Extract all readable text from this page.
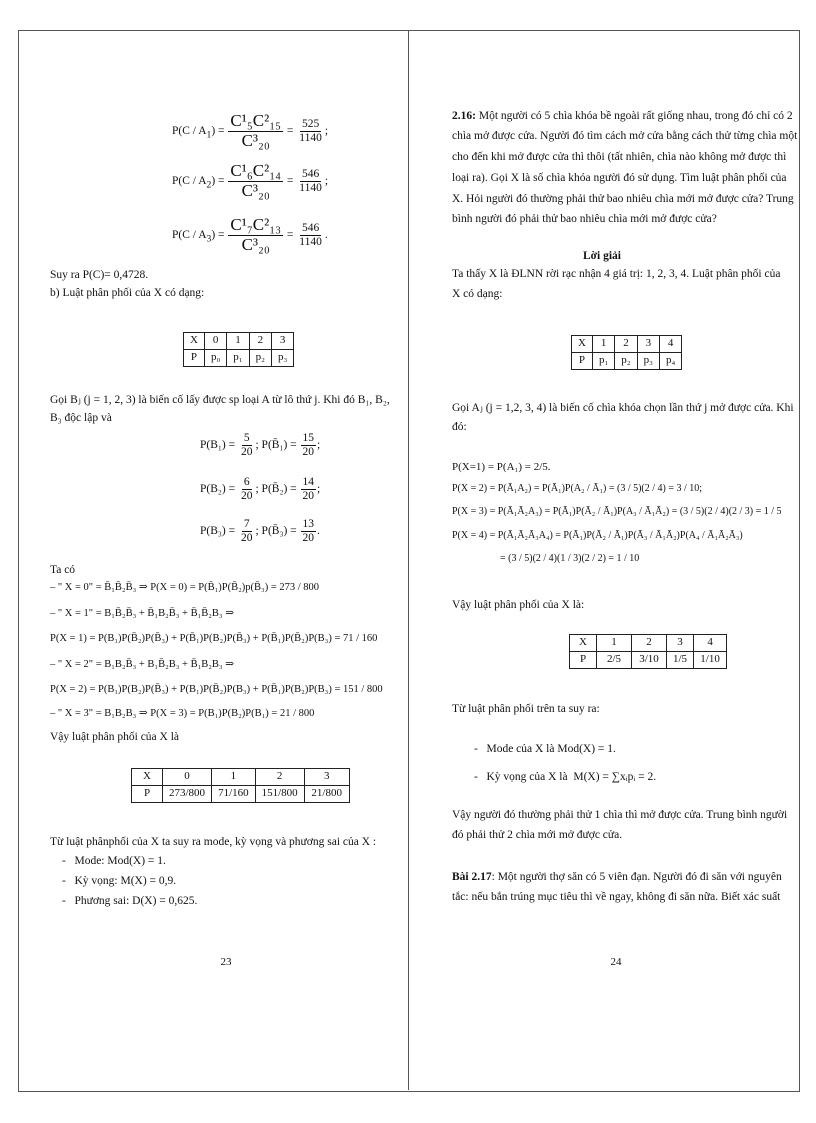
$P(C / A_1) = \frac{\text{C¹₅C²₁₅}}{\text{C³₂₀}} = \frac{525}{1140}$ ;
$P(C / A_2) = \frac{\text{C¹₆C²₁₄}}{\text{C³₂₀}} = \frac{546}{1140}$ ;
$P(C / A_3) = \frac{\text{C¹₇C²₁₃}}{\text{C³₂₀}} = \frac{546}{1140}$ .
Suy ra P(C)= 0,4728.
b) Luật phân phối của X có dạng:
X	0	1	2	3
P	p₀	p₁	p₂	p₃
Gọi Bⱼ (j = 1, 2, 3) là biến cố lấy được sp loại A từ lô thứ j. Khi đó B₁, B₂,
B₃ độc lập và
$P(B_1) = \frac{5}{20}$ ; P(B̄₁) = $\frac{15}{20}$ ;
$P(B_2) = \frac{6}{20}$ ; P(B̄₂) = $\frac{14}{20}$ ;
$P(B_3) = \frac{7}{20}$ ; P(B̄₃) = $\frac{13}{20}$ .
Ta có
– " X = 0" = B̄₁B̄₂B̄₃ ⇒ P(X = 0) = P(B̄₁)P(B̄₂)p(B̄₃) = 273 / 800
– " X = 1" = B₁B̄₂B̄₃ + B̄₁B₂B̄₃ + B̄₁B̄₂B₃ ⇒
P(X = 1) = P(B₁)P(B̄₂)P(B̄₃) + P(B̄₁)P(B₂)P(B̄₃) + P(B̄₁)P(B̄₂)P(B₃) = 71 / 160
– " X = 2" = B₁B₂B̄₃ + B₁B̄₂B₃ + B̄₁B₂B₃ ⇒
P(X = 2) = P(B₁)P(B₂)P(B̄₃) + P(B₁)P(B̄₂)P(B₃) + P(B̄₁)P(B₂)P(B₃) = 151 / 800
– " X = 3" = B₁B₂B₃ ⇒ P(X = 3) = P(B₁)P(B₂)P(B₁) = 21 / 800
Vậy luật phân phối của X là
X	0	1	2	3
P	273/800	71/160	151/800	21/800
Từ luật phânphối của X ta suy ra mode, kỳ vọng và phương sai của X :
-   Mode: Mod(X) = 1.
-   Kỳ vọng: M(X) = 0,9.
-   Phương sai: D(X) = 0,625.
23
2.16: Một người có 5 chìa khóa bề ngoài rất giống nhau, trong đó chỉ có 2
chìa mở được cửa. Người đó tìm cách mở cửa bằng cách thử từng chìa một
cho đến khi mở được cửa thì thôi (tất nhiên, chìa nào không mở được thì
loại ra). Gọi X là số chìa khóa người đó sử dụng. Tìm luật phân phối của
X. Hỏi người đó thường phải thử bao nhiêu chìa mới mở được cửa? Trung
bình người đó phải thử bao nhiêu chìa mới mở được cửa?
Lời giải
Ta thấy X là ĐLNN rời rạc nhận 4 giá trị: 1, 2, 3, 4. Luật phân phối của
X có dạng:
X	1	2	3	4
P	p₁	p₂	p₃	p₄
Gọi Aⱼ (j = 1,2, 3, 4) là biến cố chìa khóa chọn lần thứ j mở được cửa. Khi
đó:
P(X=1) = P(A₁) = 2/5.
P(X = 2) = P(Ā₁A₂) = P(Ā₁)P(A₂ / Ā₁) = (3 / 5)(2 / 4) = 3 / 10;
P(X = 3) = P(Ā₁Ā₂A₃) = P(Ā₁)P(Ā₂ / Ā₁)P(A₃ / Ā₁Ā₂) = (3 / 5)(2 / 4)(2 / 3) = 1 / 5
P(X = 4) = P(Ā₁Ā₂Ā₃A₄) = P(Ā₁)P(Ā₂ / Ā₁)P(Ā₃ / Ā₁Ā₂)P(A₄ / Ā₁Ā₂Ā₃)
= (3 / 5)(2 / 4)(1 / 3)(2 / 2) = 1 / 10
Vậy luật phân phối của X là:
X	1	2	3	4
P	2/5	3/10	1/5	1/10
Từ luật phân phối trên ta suy ra:
-   Mode của X là Mod(X) = 1.
-   Kỳ vọng của X là M(X) = ∑xᵢpᵢ = 2.
Vậy người đó thường phải thử 1 chìa thì mở được cửa. Trung bình người
đó phải thử 2 chìa mới mở được cửa.
Bài 2.17: Một người thợ săn có 5 viên đạn. Người đó đi săn với nguyên
tắc: nếu bắn trúng mục tiêu thì về ngay, không đi săn nữa. Biết xác suất
24
